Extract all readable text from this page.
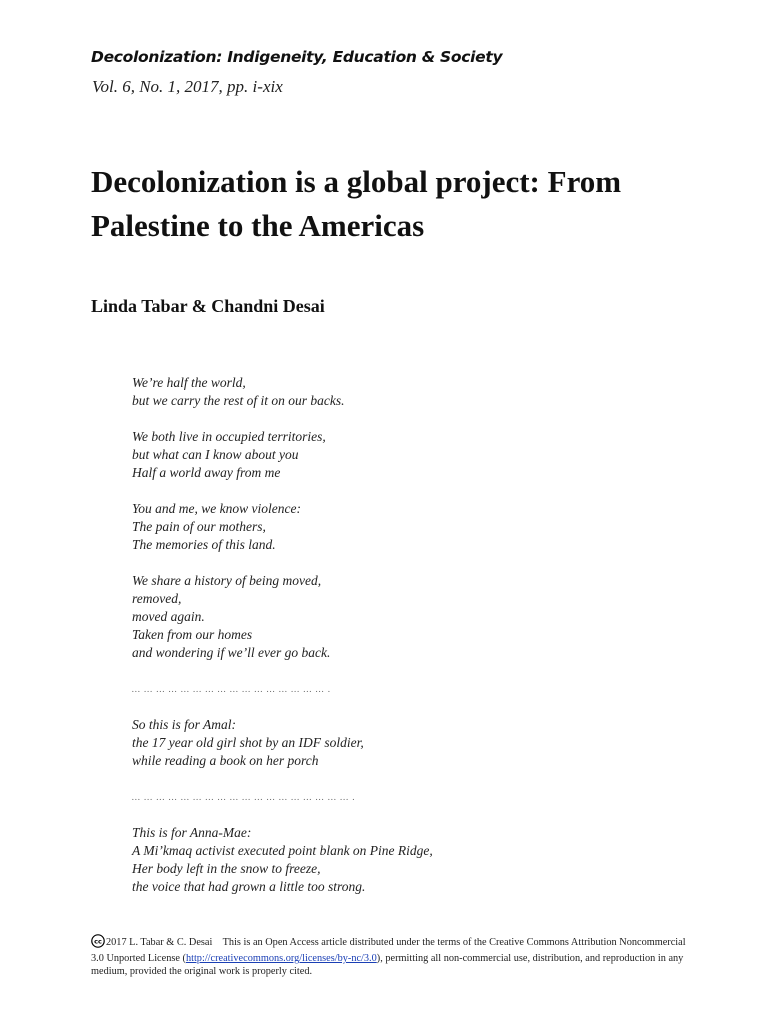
Decolonization: Indigeneity, Education & Society
Vol. 6, No. 1, 2017, pp. i-xix
Decolonization is a global project: From Palestine to the Americas
Linda Tabar & Chandni Desai
We’re half the world,
but we carry the rest of it on our backs.
We both live in occupied territories,
but what can I know about you
Half a world away from me
You and me, we know violence:
The pain of our mothers,
The memories of this land.
We share a history of being moved,
removed,
moved again.
Taken from our homes
and wondering if we’ll ever go back.
… … … … … … … … … … … … … … … … .
So this is for Amal:
the 17 year old girl shot by an IDF soldier,
while reading a book on her porch
… … … … … … … … … … … … … … … … … … .
This is for Anna-Mae:
A Mi’kmaq activist executed point blank on Pine Ridge,
Her body left in the snow to freeze,
the voice that had grown a little too strong.
cc 2017 L. Tabar & C. Desai This is an Open Access article distributed under the terms of the Creative Commons Attribution Noncommercial 3.0 Unported License (http://creativecommons.org/licenses/by-nc/3.0), permitting all non-commercial use, distribution, and reproduction in any medium, provided the original work is properly cited.
